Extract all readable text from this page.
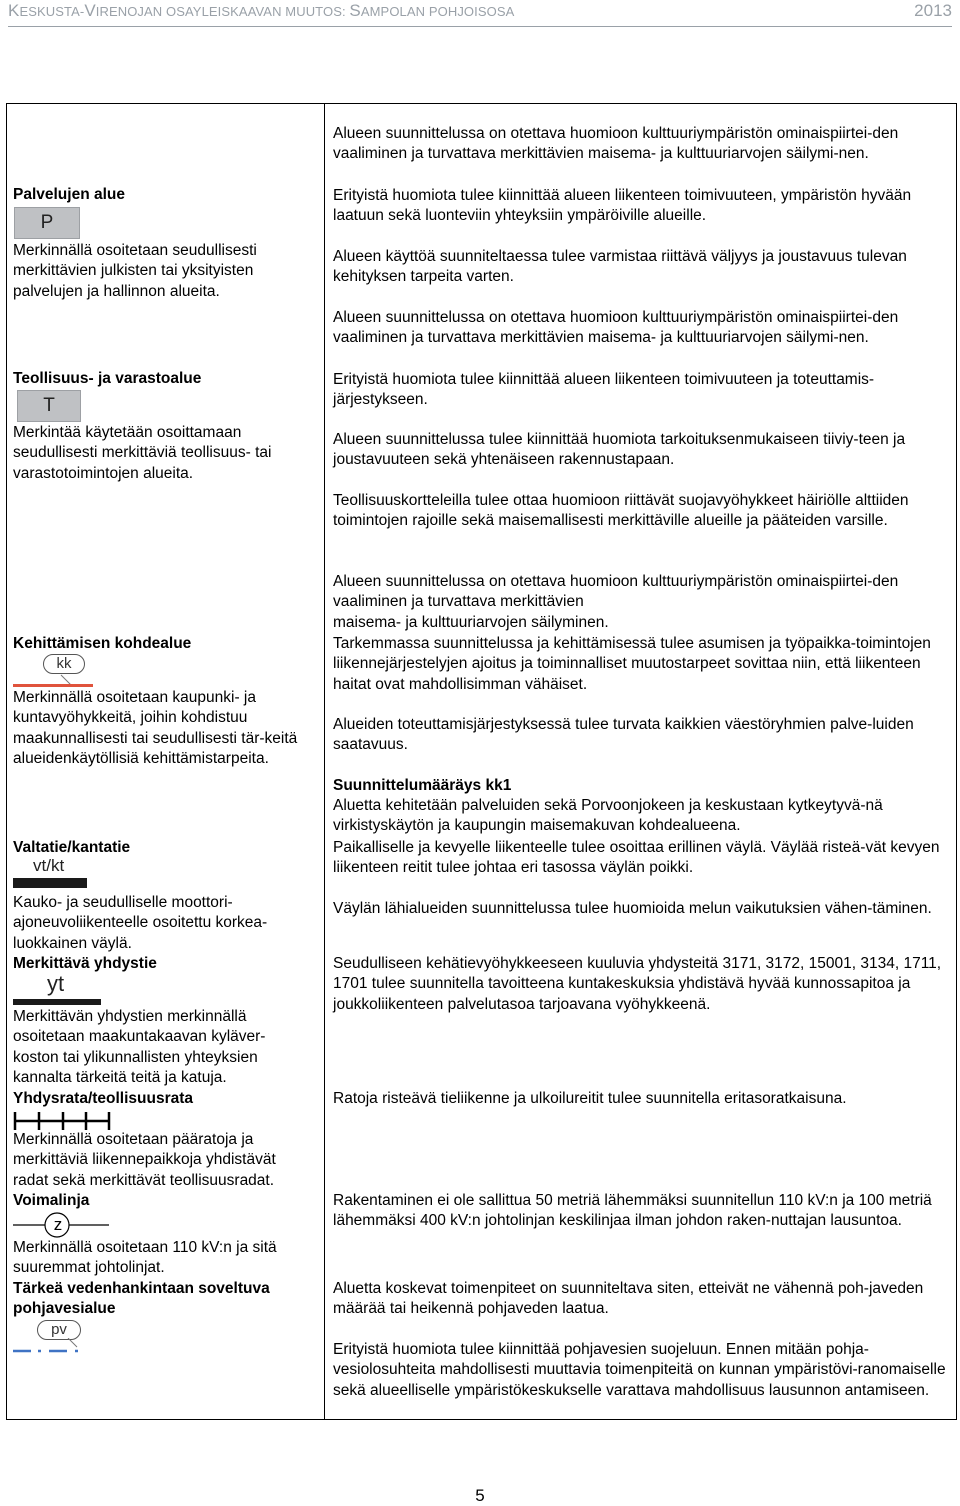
KESKUSTA-VIRENOJAN OSAYLEISKAAVAN MUUTOS: SAMPOLAN POHJOISOSA	2013

Palvelujen alue

P

Merkinnällä osoitetaan seudullisesti merkittävien julkisten tai yksityisten palvelujen ja hallinnon alueita.

Teollisuus- ja varastoalue

T

Merkintää käytetään osoittamaan seudullisesti merkittäviä teollisuus- tai varastotoimintojen alueita.

Kehittämisen kohdealue

kk

Merkinnällä osoitetaan kaupunki- ja kuntavyöhykkeitä, joihin kohdistuu maakunnallisesti tai seudullisesti tär-keitä alueidenkäytöllisiä kehittämistarpeita.

Valtatie/kantatie

vt/kt

Kauko- ja seudulliselle moottori-ajoneuvoliikenteelle osoitettu korkea-luokkainen väylä.

Merkittävä yhdystie

yt

Merkittävän yhdystien merkinnällä osoitetaan maakuntakaavan kyläver-koston tai ylikunnallisten yhteyksien kannalta tärkeitä teitä ja katuja.

Yhdysrata/teollisuusrata

Merkinnällä osoitetaan pääratoja ja merkittäviä liikennepaikkoja yhdistävät radat sekä merkittävät teollisuusradat.

Voimalinja

z

Merkinnällä osoitetaan 110 kV:n ja sitä suuremmat johtolinjat.

Tärkeä vedenhankintaan soveltuva pohjavesialue

pv

Alueen suunnittelussa on otettava huomioon kulttuuriympäristön ominaispiirtei-den vaaliminen ja turvattava merkittävien maisema- ja kulttuuriarvojen säilymi-nen.

Erityistä huomiota tulee kiinnittää alueen liikenteen toimivuuteen, ympäristön hyvään laatuun sekä luonteviin yhteyksiin ympäröiville alueille.

Alueen käyttöä suunniteltaessa tulee varmistaa riittävä väljyys ja joustavuus tulevan kehityksen tarpeita varten.

Alueen suunnittelussa on otettava huomioon kulttuuriympäristön ominaispiirtei-den vaaliminen ja turvattava merkittävien maisema- ja kulttuuriarvojen säilymi-nen.

Erityistä huomiota tulee kiinnittää alueen liikenteen toimivuuteen ja toteuttamis-järjestykseen.

Alueen suunnittelussa tulee kiinnittää huomiota tarkoituksenmukaiseen tiiviy-teen ja joustavuuteen sekä yhtenäiseen rakennustapaan.

Teollisuuskortteleilla tulee ottaa huomioon riittävät suojavyöhykkeet häiriölle alttiiden toimintojen rajoille sekä maisemallisesti merkittäville alueille ja pääteiden varsille.

Alueen suunnittelussa on otettava huomioon kulttuuriympäristön ominaispiirtei-den vaaliminen ja turvattava merkittävien

maisema- ja kulttuuriarvojen säilyminen.

Tarkemmassa suunnittelussa ja kehittämisessä tulee asumisen ja työpaikka-toimintojen liikennejärjestelyjen ajoitus ja toiminnalliset muutostarpeet sovittaa niin, että liikenteen haitat ovat mahdollisimman vähäiset.

Alueiden toteuttamisjärjestyksessä tulee turvata kaikkien väestöryhmien palve-luiden saatavuus.

Suunnittelumääräys kk1

Aluetta kehitetään palveluiden sekä Porvoonjokeen ja keskustaan kytkeytyvä-nä virkistyskäytön ja kaupungin maisemakuvan kohdealueena.

Paikalliselle ja kevyelle liikenteelle tulee osoittaa erillinen väylä. Väylää risteä-vät kevyen liikenteen reitit tulee johtaa eri tasossa väylän poikki.

Väylän lähialueiden suunnittelussa tulee huomioida melun vaikutuksien vähen-täminen.

Seudulliseen kehätievyöhykkeeseen kuuluvia yhdysteitä 3171, 3172, 15001, 3134, 1711, 1701 tulee suunnitella tavoitteena kuntakeskuksia yhdistävä hyvää kunnossapitoa ja joukkoliikenteen palvelutasoa tarjoavana vyöhykkeenä.

Ratoja risteävä tieliikenne ja ulkoilureitit tulee suunnitella eritasoratkaisuna.

Rakentaminen ei ole sallittua 50 metriä lähemmäksi suunnitellun 110 kV:n ja 100 metriä lähemmäksi 400 kV:n johtolinjan keskilinjaa ilman johdon raken-nuttajan lausuntoa.

Aluetta koskevat toimenpiteet on suunniteltava siten, etteivät ne vähennä poh-javeden määrää tai heikennä pohjaveden laatua.

Erityistä huomiota tulee kiinnittää pohjavesien suojeluun. Ennen mitään pohja-vesiolosuhteita mahdollisesti muuttavia toimenpiteitä on kunnan ympäristövi-ranomaiselle sekä alueelliselle ympäristökeskukselle varattava mahdollisuus lausunnon antamiseen.

5
